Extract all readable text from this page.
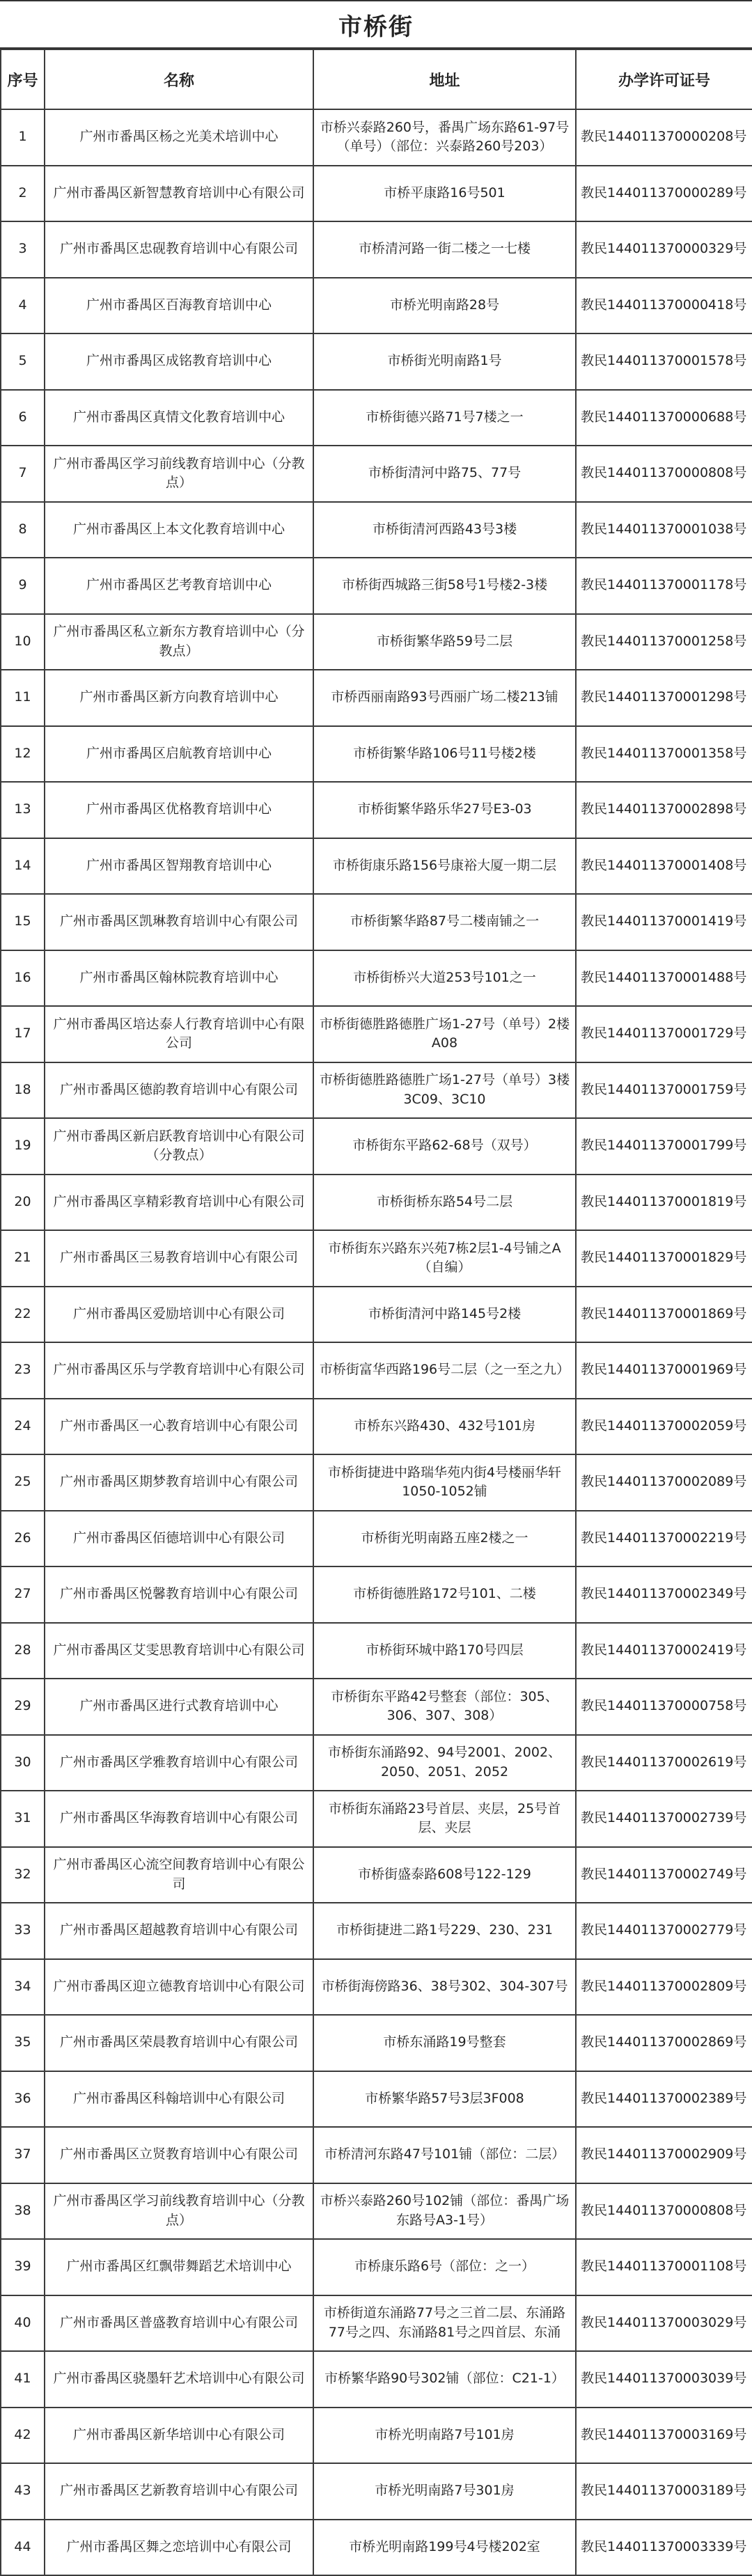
市桥街
序号	名称	地址	办学许可证号
1	广州市番禺区杨之光美术培训中心	市桥兴泰路260号，番禺广场东路61-97号（单号）（部位：兴泰路260号203）	教民144011370000208号
2	广州市番禺区新智慧教育培训中心有限公司	市桥平康路16号501	教民144011370000289号
3	广州市番禺区忠砚教育培训中心有限公司	市桥清河路一街二楼之一七楼	教民144011370000329号
4	广州市番禺区百海教育培训中心	市桥光明南路28号	教民144011370000418号
5	广州市番禺区成铭教育培训中心	市桥街光明南路1号	教民144011370001578号
6	广州市番禺区真情文化教育培训中心	市桥街德兴路71号7楼之一	教民144011370000688号
7	广州市番禺区学习前线教育培训中心（分教点）	市桥街清河中路75、77号	教民144011370000808号
8	广州市番禺区上本文化教育培训中心	市桥街清河西路43号3楼	教民144011370001038号
9	广州市番禺区艺考教育培训中心	市桥街西城路三街58号1号楼2-3楼	教民144011370001178号
10	广州市番禺区私立新东方教育培训中心（分教点）	市桥街繁华路59号二层	教民144011370001258号
11	广州市番禺区新方向教育培训中心	市桥西丽南路93号西丽广场二楼213铺	教民144011370001298号
12	广州市番禺区启航教育培训中心	市桥街繁华路106号11号楼2楼	教民144011370001358号
13	广州市番禺区优格教育培训中心	市桥街繁华路乐华27号E3-03	教民144011370002898号
14	广州市番禺区智翔教育培训中心	市桥街康乐路156号康裕大厦一期二层	教民144011370001408号
15	广州市番禺区凯琳教育培训中心有限公司	市桥街繁华路87号二楼南铺之一	教民144011370001419号
16	广州市番禺区翰林院教育培训中心	市桥街桥兴大道253号101之一	教民144011370001488号
17	广州市番禺区培达泰人行教育培训中心有限公司	市桥街德胜路德胜广场1-27号（单号）2楼A08	教民144011370001729号
18	广州市番禺区德韵教育培训中心有限公司	市桥街德胜路德胜广场1-27号（单号）3楼3C09、3C10	教民144011370001759号
19	广州市番禺区新启跃教育培训中心有限公司（分教点）	市桥街东平路62-68号（双号）	教民144011370001799号
20	广州市番禺区享精彩教育培训中心有限公司	市桥街桥东路54号二层	教民144011370001819号
21	广州市番禺区三易教育培训中心有限公司	市桥街东兴路东兴苑7栋2层1-4号铺之A（自编）	教民144011370001829号
22	广州市番禺区爱励培训中心有限公司	市桥街清河中路145号2楼	教民144011370001869号
23	广州市番禺区乐与学教育培训中心有限公司	市桥街富华西路196号二层（之一至之九）	教民144011370001969号
24	广州市番禺区一心教育培训中心有限公司	市桥东兴路430、432号101房	教民144011370002059号
25	广州市番禺区期梦教育培训中心有限公司	市桥街捷进中路瑞华苑内街4号楼丽华轩1050-1052铺	教民144011370002089号
26	广州市番禺区佰德培训中心有限公司	市桥街光明南路五座2楼之一	教民144011370002219号
27	广州市番禺区悦馨教育培训中心有限公司	市桥街德胜路172号101、二楼	教民144011370002349号
28	广州市番禺区艾雯思教育培训中心有限公司	市桥街环城中路170号四层	教民144011370002419号
29	广州市番禺区进行式教育培训中心	市桥街东平路42号整套（部位：305、306、307、308）	教民144011370000758号
30	广州市番禺区学雅教育培训中心有限公司	市桥街东涌路92、94号2001、2002、2050、2051、2052	教民144011370002619号
31	广州市番禺区华海教育培训中心有限公司	市桥街东涌路23号首层、夹层，25号首层、夹层	教民144011370002739号
32	广州市番禺区心流空间教育培训中心有限公司	市桥街盛泰路608号122-129	教民144011370002749号
33	广州市番禺区超越教育培训中心有限公司	市桥街捷进二路1号229、230、231	教民144011370002779号
34	广州市番禺区迎立德教育培训中心有限公司	市桥街海傍路36、38号302、304-307号	教民144011370002809号
35	广州市番禺区荣晨教育培训中心有限公司	市桥东涌路19号整套	教民144011370002869号
36	广州市番禺区科翰培训中心有限公司	市桥繁华路57号3层3F008	教民144011370002389号
37	广州市番禺区立贤教育培训中心有限公司	市桥清河东路47号101铺（部位：二层）	教民144011370002909号
38	广州市番禺区学习前线教育培训中心（分教点）	市桥兴泰路260号102铺（部位：番禺广场东路号A3-1号）	教民144011370000808号
39	广州市番禺区红飘带舞蹈艺术培训中心	市桥康乐路6号（部位：之一）	教民144011370001108号
40	广州市番禺区普盛教育培训中心有限公司	市桥街道东涌路77号之三首二层、东涌路77号之四、东涌路81号之四首层、东涌	教民144011370003029号
41	广州市番禺区骁墨轩艺术培训中心有限公司	市桥繁华路90号302铺（部位：C21-1）	教民144011370003039号
42	广州市番禺区新华培训中心有限公司	市桥光明南路7号101房	教民144011370003169号
43	广州市番禺区艺新教育培训中心有限公司	市桥光明南路7号301房	教民144011370003189号
44	广州市番禺区舞之恋培训中心有限公司	市桥光明南路199号4号楼202室	教民144011370003339号
